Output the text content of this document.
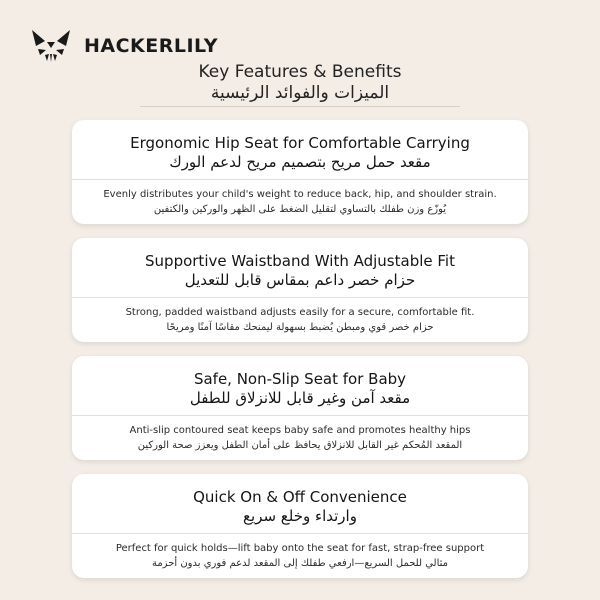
HACKERLILY
Key Features & Benefits
الميزات والفوائد الرئيسية
Ergonomic Hip Seat for Comfortable Carrying
مقعد حمل مريح بتصميم مريح لدعم الورك
Evenly distributes your child's weight to reduce back, hip, and shoulder strain.
يُوزّع وزن طفلك بالتساوي لتقليل الضغط على الظهر والوركين والكتفين
Supportive Waistband With Adjustable Fit
حزام خصر داعم بمقاس قابل للتعديل
Strong, padded waistband adjusts easily for a secure, comfortable fit.
حزام خصر قوي ومبطن يُضبط بسهولة ليمنحك مقاسًا آمنًا ومريحًا
Safe, Non-Slip Seat for Baby
مقعد آمن وغير قابل للانزلاق للطفل
Anti-slip contoured seat keeps baby safe and promotes healthy hips
المقعد المُحكم غير القابل للانزلاق يحافظ على أمان الطفل ويعزز صحة الوركين
Quick On & Off Convenience
وارتداء وخلع سريع
Perfect for quick holds—lift baby onto the seat for fast, strap-free support
مثالي للحمل السريع—ارفعي طفلك إلى المقعد لدعم فوري بدون أحزمة
